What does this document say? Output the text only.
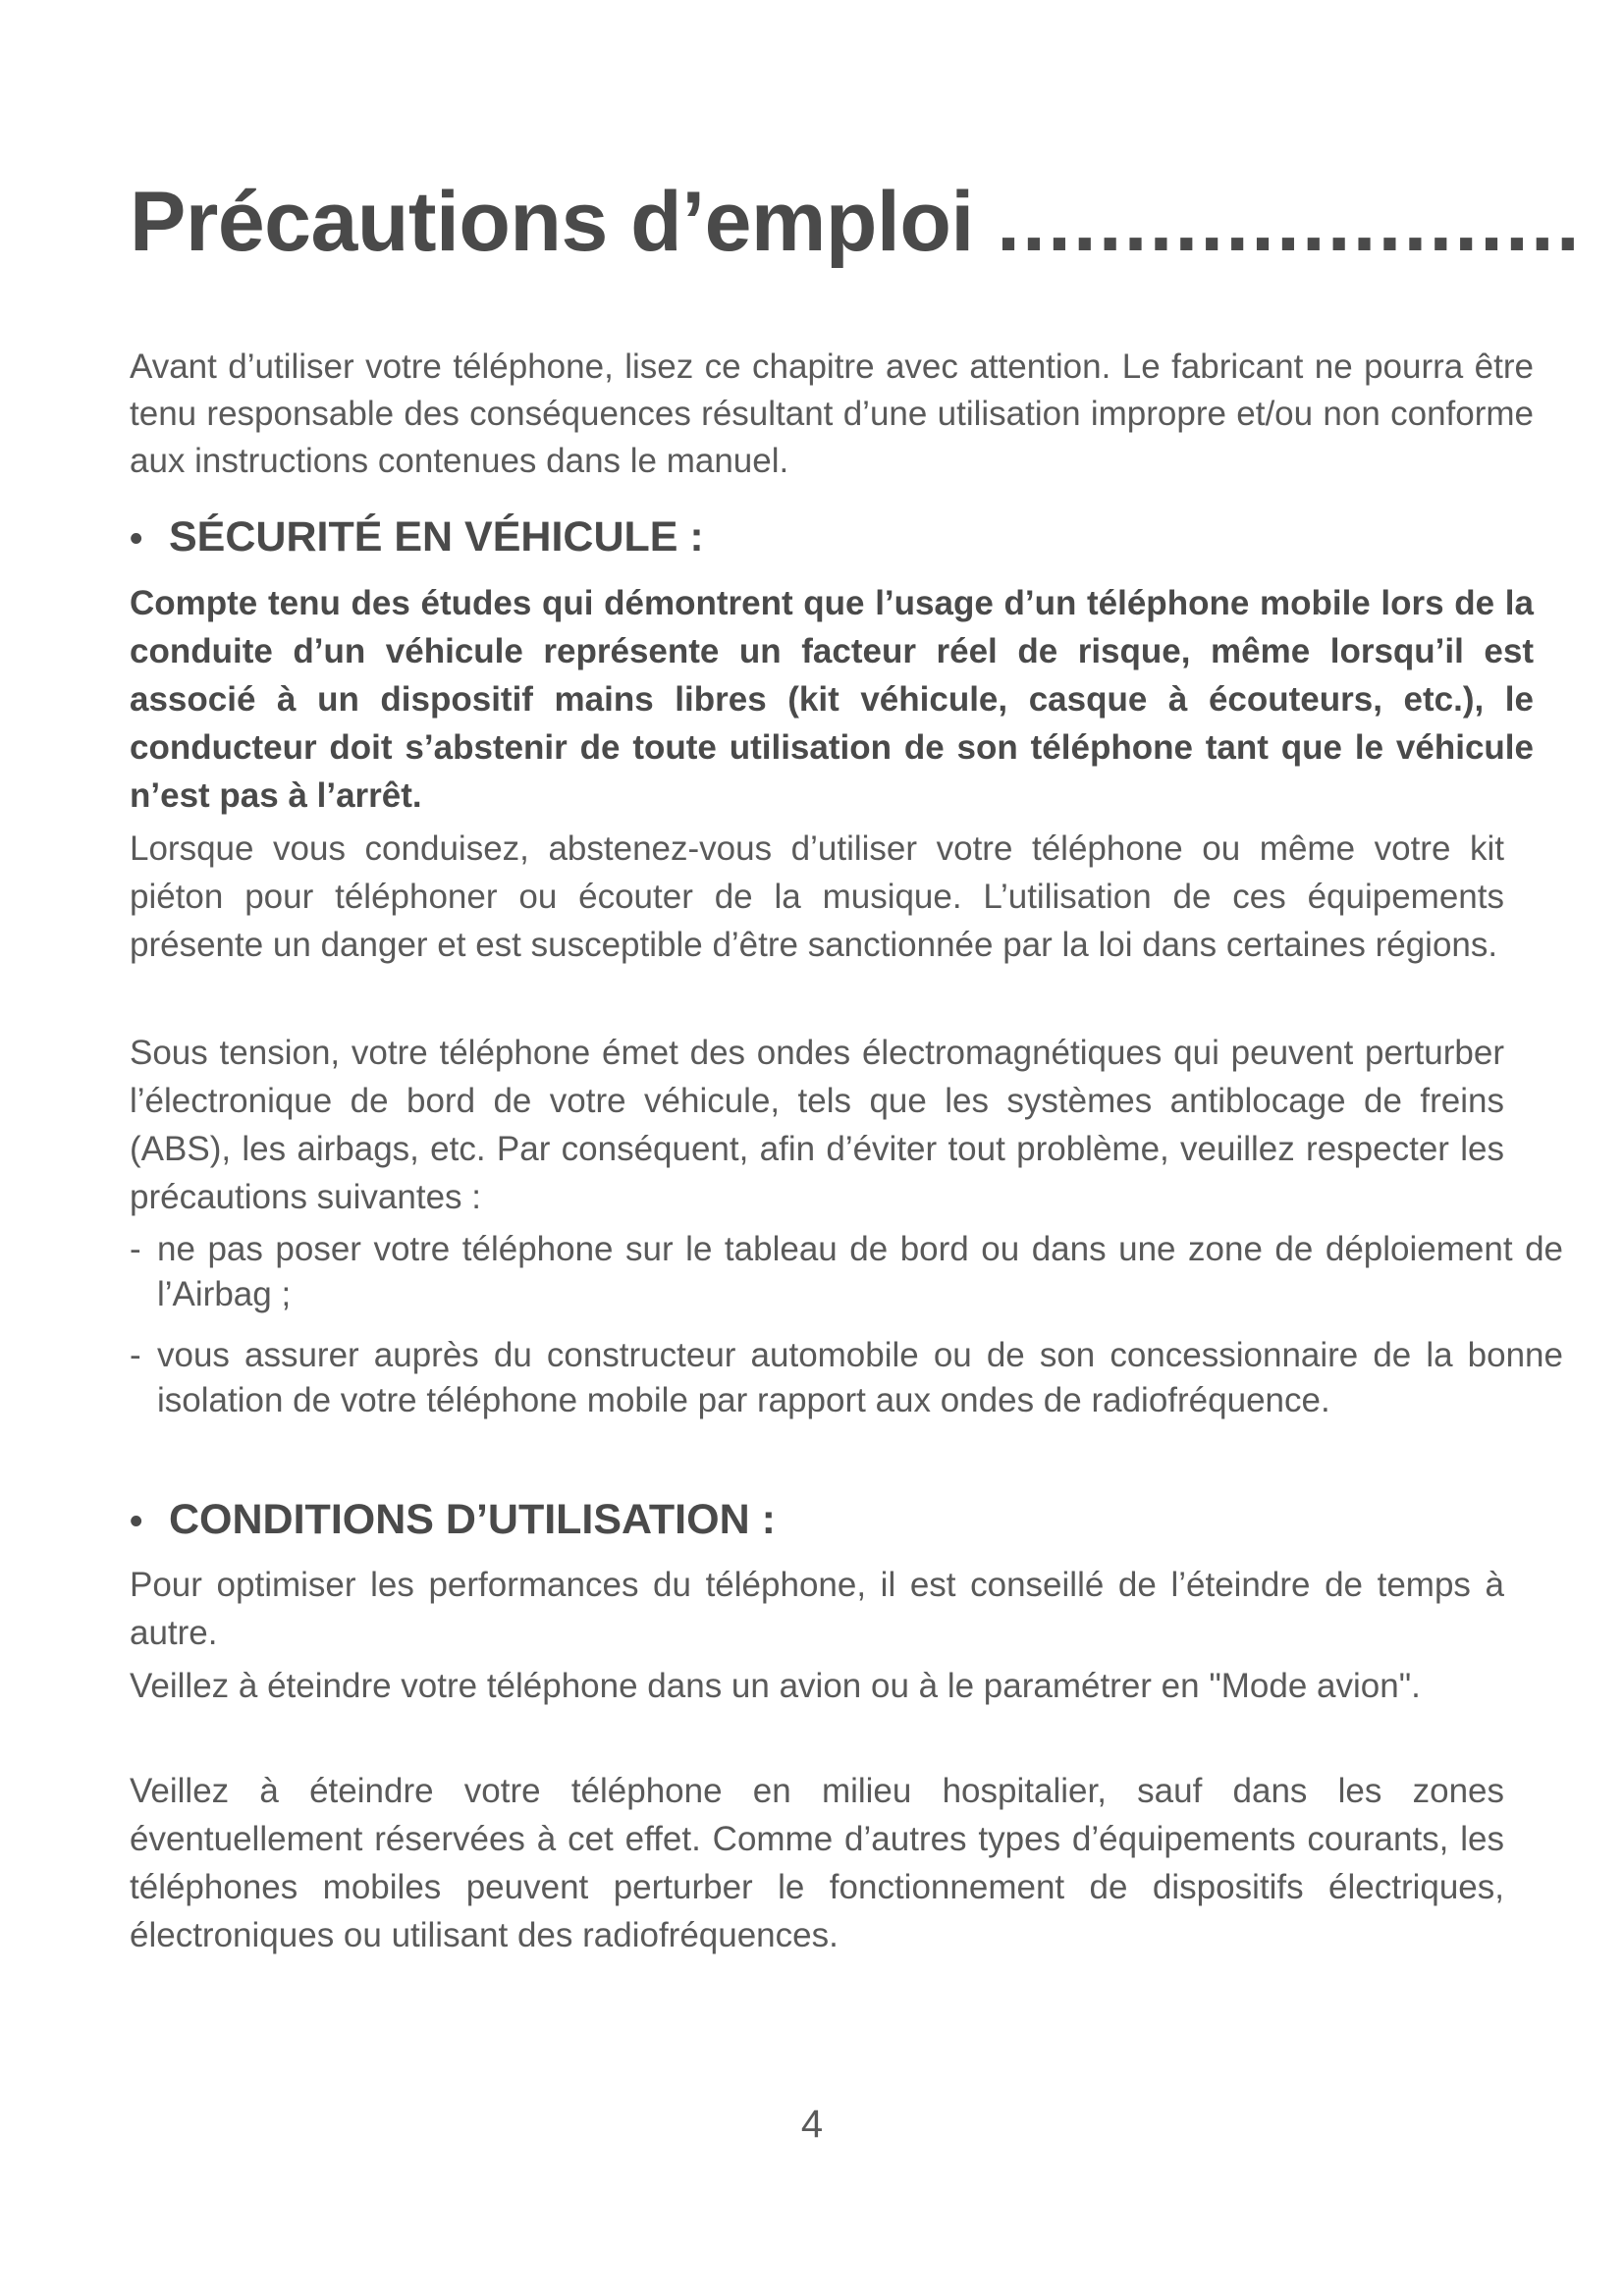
Précautions d’emploi .......................

Avant d’utiliser votre téléphone, lisez ce chapitre avec attention. Le fabricant ne pourra être tenu responsable des conséquences résultant d’une utilisation impropre et/ou non conforme aux instructions contenues dans le manuel.

• SÉCURITÉ EN VÉHICULE :

Compte tenu des études qui démontrent que l’usage d’un téléphone mobile lors de la conduite d’un véhicule représente un facteur réel de risque, même lorsqu’il est associé à un dispositif mains libres (kit véhicule, casque à écouteurs, etc.), le conducteur doit s’abstenir de toute utilisation de son téléphone tant que le véhicule n’est pas à l’arrêt.

Lorsque vous conduisez, abstenez-vous d’utiliser votre téléphone ou même votre kit piéton pour téléphoner ou écouter de la musique. L’utilisation de ces équipements présente un danger et est susceptible d’être sanctionnée par la loi dans certaines régions.

Sous tension, votre téléphone émet des ondes électromagnétiques qui peuvent perturber l’électronique de bord de votre véhicule, tels que les systèmes antiblocage de freins (ABS), les airbags, etc. Par conséquent, afin d’éviter tout problème, veuillez respecter les précautions suivantes :

- ne pas poser votre téléphone sur le tableau de bord ou dans une zone de déploiement de l’Airbag ;

- vous assurer auprès du constructeur automobile ou de son concessionnaire de la bonne isolation de votre téléphone mobile par rapport aux ondes de radiofréquence.

• CONDITIONS D’UTILISATION :

Pour optimiser les performances du téléphone, il est conseillé de l’éteindre de temps à autre.

Veillez à éteindre votre téléphone dans un avion ou à le paramétrer en "Mode avion".

Veillez à éteindre votre téléphone en milieu hospitalier, sauf dans les zones éventuellement réservées à cet effet. Comme d’autres types d’équipements courants, les téléphones mobiles peuvent perturber le fonctionnement de dispositifs électriques, électroniques ou utilisant des radiofréquences.

4
